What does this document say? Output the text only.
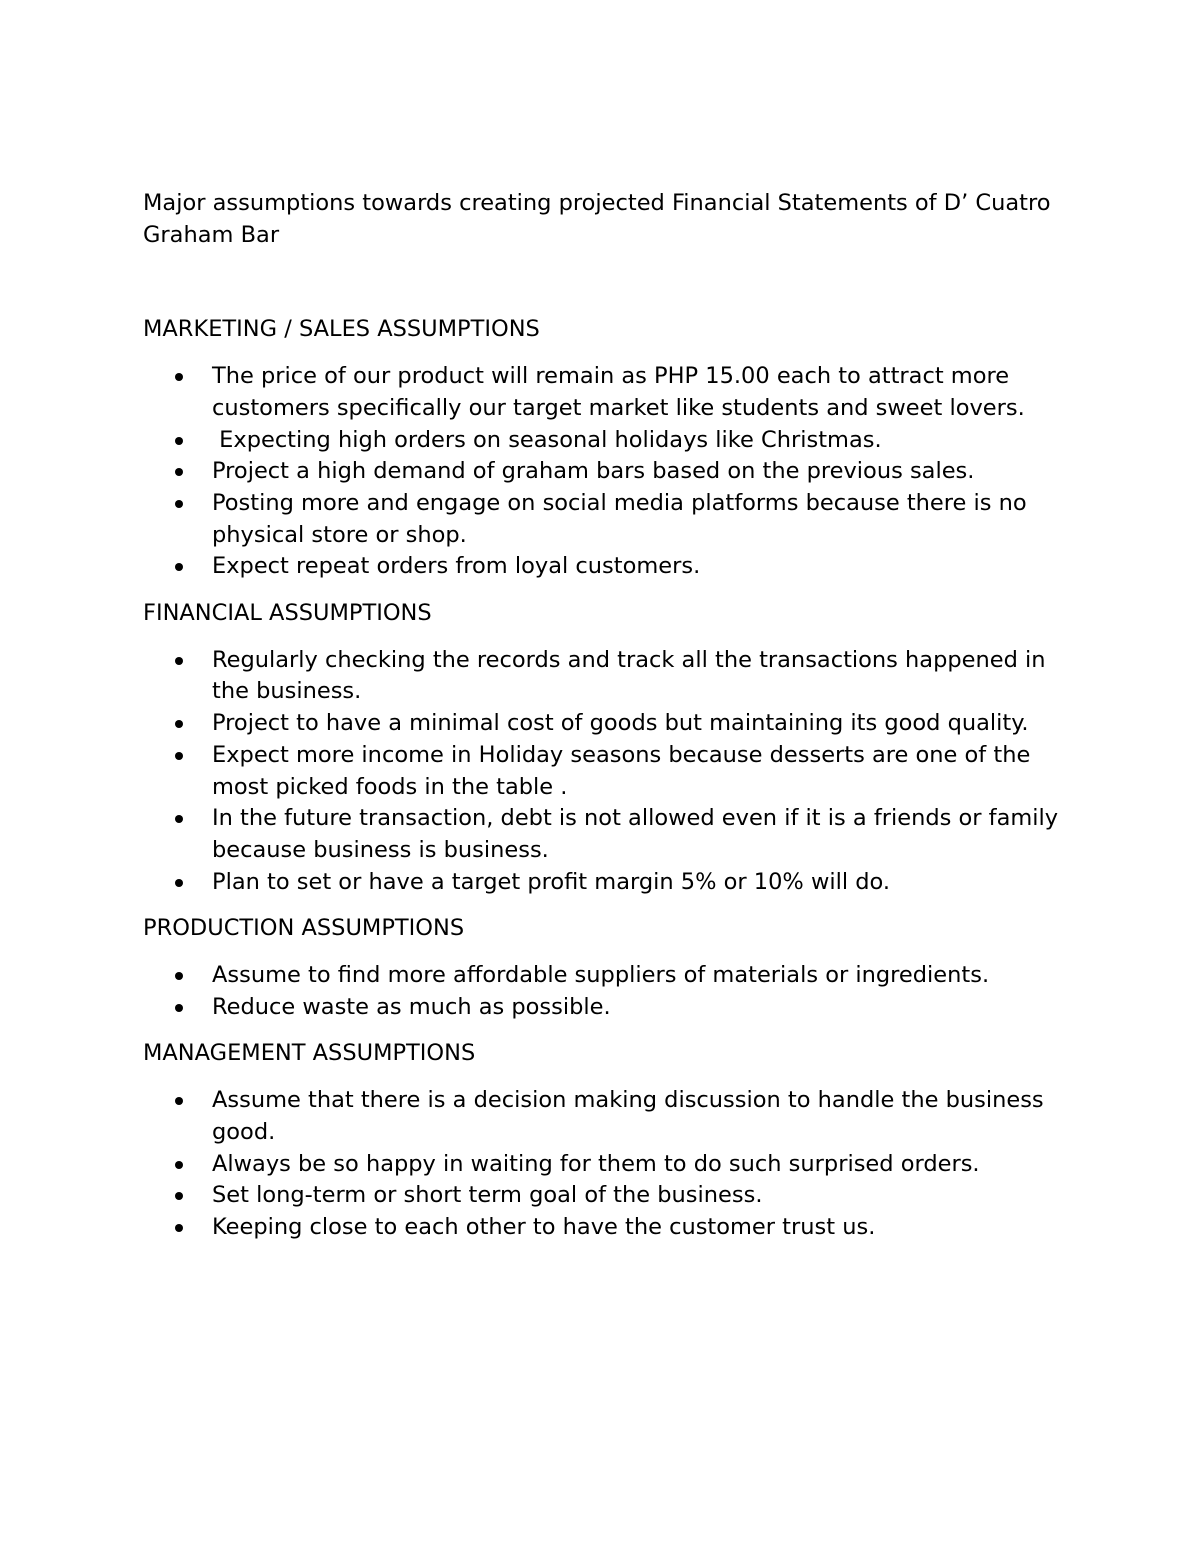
Major assumptions towards creating projected Financial Statements of D’ Cuatro Graham Bar
MARKETING / SALES ASSUMPTIONS
The price of our product will remain as PHP 15.00 each to attract more customers specifically our target market like students and sweet lovers.
Expecting high orders on seasonal holidays like Christmas.
Project a high demand of graham bars based on the previous sales.
Posting more and engage on social media platforms because there is no physical store or shop.
Expect repeat orders from loyal customers.
FINANCIAL ASSUMPTIONS
Regularly checking the records and track all the transactions happened in the business.
Project to have a minimal cost of goods but maintaining its good quality.
Expect more income in Holiday seasons because desserts are one of the most picked foods in the table .
In the future transaction, debt is not allowed even if it is a friends or family because business is business.
Plan to set or have a target profit margin 5% or 10% will do.
PRODUCTION ASSUMPTIONS
Assume to find more affordable suppliers of materials or ingredients.
Reduce waste as much as possible.
MANAGEMENT ASSUMPTIONS
Assume that there is a decision making discussion to handle the business good.
Always be so happy in waiting for them to do such surprised orders.
Set long-term or short term goal of the business.
Keeping close to each other to have the customer trust us.
